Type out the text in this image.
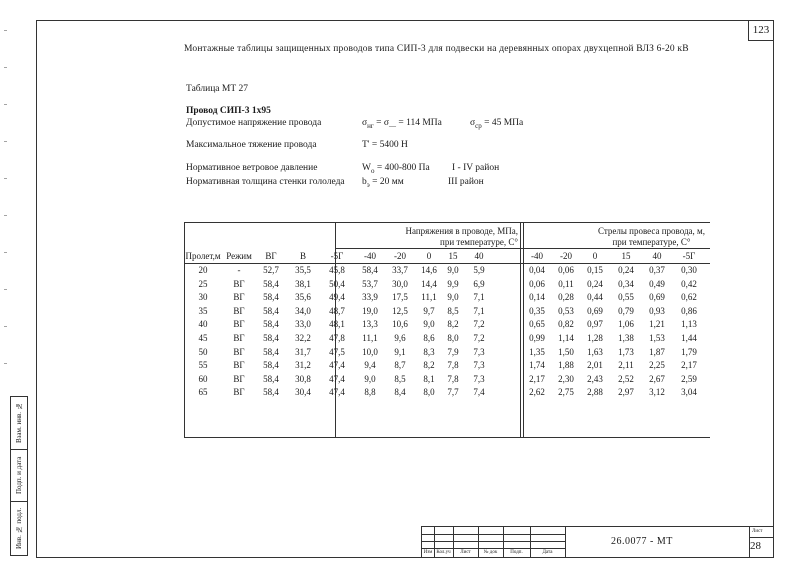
123
Монтажные таблицы защищенных проводов типа СИП-3 для подвески на деревянных опорах двухцепной ВЛЗ 6-20 кВ
Таблица МТ 27
Провод СИП-3 1х95
Допустимое напряжение провода	$\sigma_{нг} = \sigma_— = 114$ МПа	$\sigma_{ср} = 45$ МПа
Максимальное тяжение провода	T' = 5400 Н
Нормативное ветровое давление	$W_o = 400-800$ Па I - IV район
Нормативная толщина стенки гололеда $b_э = 20$ мм	III район
Напряжения в проводе, МПа,
при температуре, С°
Стрелы провеса провода, м,
при температуре, С°
Пролет,м Режим	ВГ	В	-5Г	-40	-20	0	15	40	-40	-20	0	15	40	-5Г
20	-	52,7	35,5	45,8	58,4	33,7	14,6	9,0	5,9	0,04	0,06	0,15	0,24	0,37	0,30
25	ВГ	58,4	38,1	50,4	53,7	30,0	14,4	9,9	6,9	0,06	0,11	0,24	0,34	0,49	0,42
30	ВГ	58,4	35,6	49,4	33,9	17,5	11,1	9,0	7,1	0,14	0,28	0,44	0,55	0,69	0,62
35	ВГ	58,4	34,0	48,7	19,0	12,5	9,7	8,5	7,1	0,35	0,53	0,69	0,79	0,93	0,86
40	ВГ	58,4	33,0	48,1	13,3	10,6	9,0	8,2	7,2	0,65	0,82	0,97	1,06	1,21	1,13
45	ВГ	58,4	32,2	47,8	11,1	9,6	8,6	8,0	7,2	0,99	1,14	1,28	1,38	1,53	1,44
50	ВГ	58,4	31,7	47,5	10,0	9,1	8,3	7,9	7,3	1,35	1,50	1,63	1,73	1,87	1,79
55	ВГ	58,4	31,2	47,4	9,4	8,7	8,2	7,8	7,3	1,74	1,88	2,01	2,11	2,25	2,17
60	ВГ	58,4	30,8	47,4	9,0	8,5	8,1	7,8	7,3	2,17	2,30	2,43	2,52	2,67	2,59
65	ВГ	58,4	30,4	47,4	8,8	8,4	8,0	7,7	7,4	2,62	2,75	2,88	2,97	3,12	3,04
Взам. инв. №
Подп. и дата
Инв. № подл.
Изм Кол.уч	Лист	№ док	Подп.	Дата
26.0077 - МТ
Лист
28
